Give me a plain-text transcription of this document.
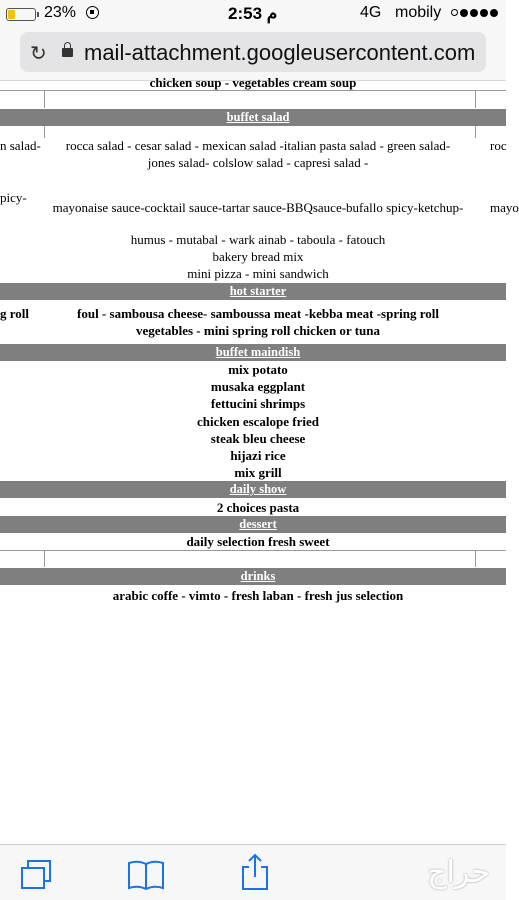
23%	2:53 م	4G mobily
↻ mail-attachment.googleusercontent.com
chicken soup - vegetables cream soup
buffet salad
n salad-	rocca salad - cesar salad - mexican salad -italian pasta salad - green salad-	roc
jones salad- colslow salad - capresi salad -
picy-
mayonaise sauce-cocktail sauce-tartar sauce-BBQsauce-bufallo spicy-ketchup-	mayo
humus - mutabal - wark ainab - taboula - fatouch
bakery bread mix
mini pizza - mini sandwich
hot starter
g roll	foul - sambousa cheese- samboussa meat -kebba meat -spring roll
vegetables - mini spring roll chicken or tuna
buffet maindish
mix potato
musaka eggplant
fettucini shrimps
chicken escalope fried
steak bleu cheese
hijazi rice
mix grill
daily show
2 choices pasta
dessert
daily selection fresh sweet
drinks
arabic coffe - vimto - fresh laban - fresh jus selection
حراج
